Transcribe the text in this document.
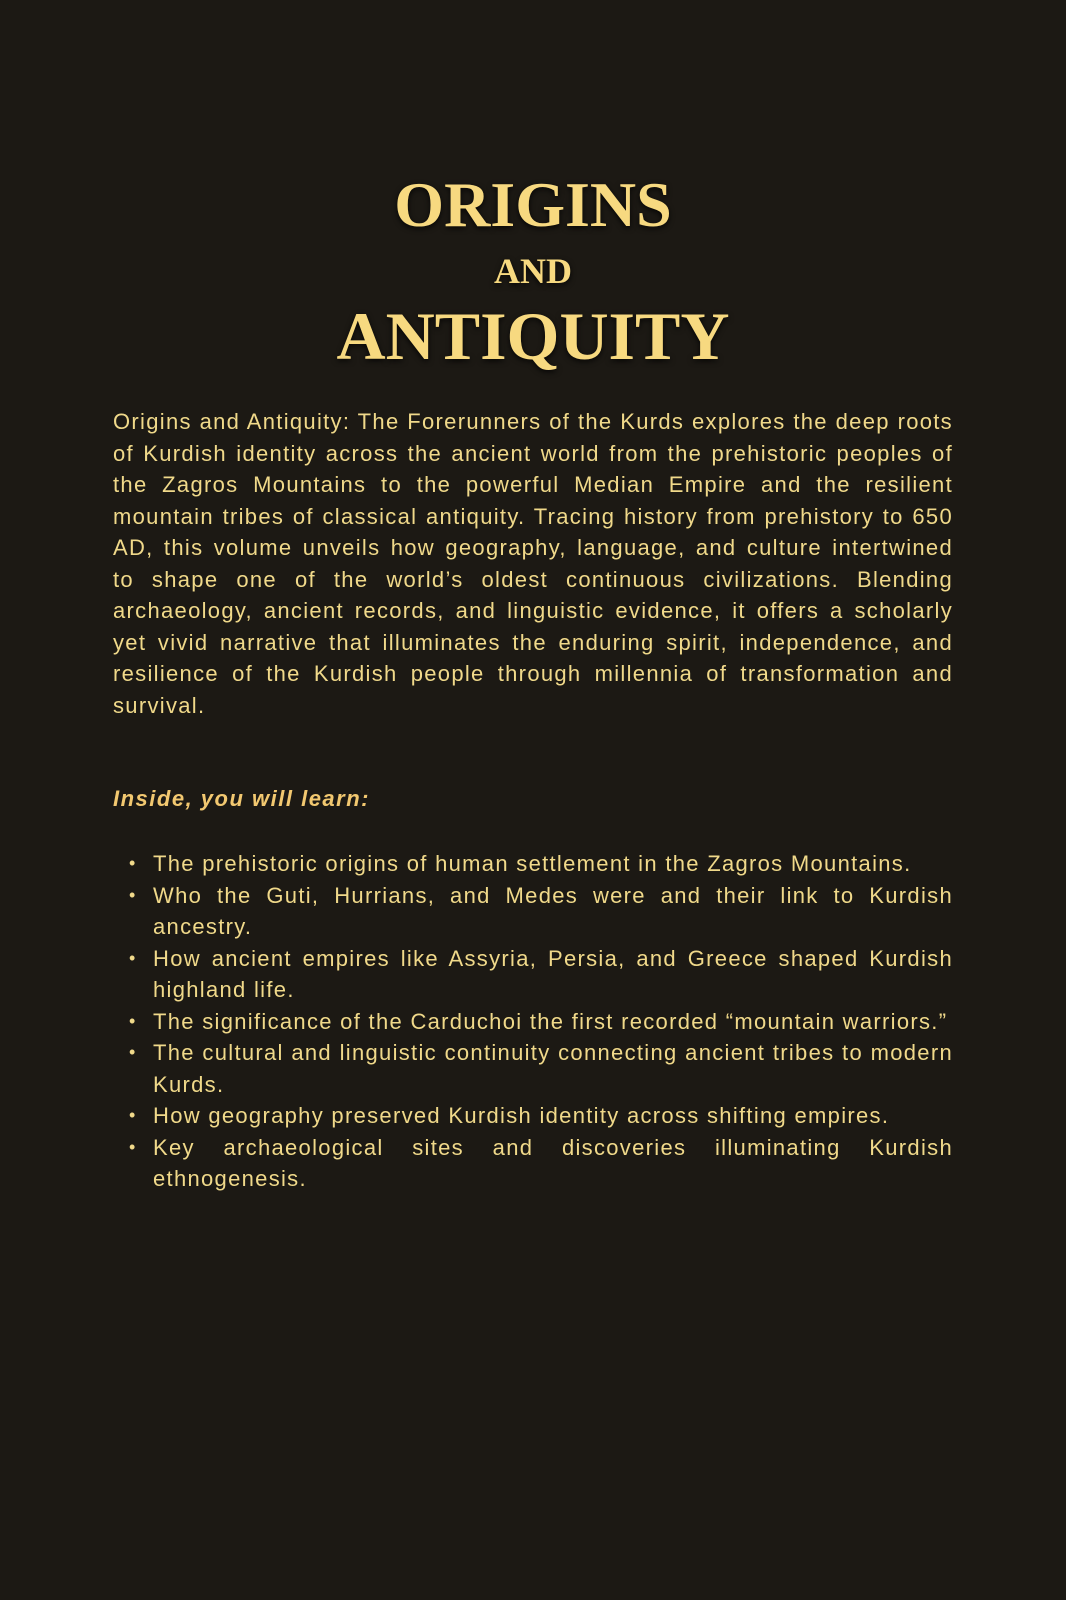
ORIGINS
AND
ANTIQUITY

Origins and Antiquity: The Forerunners of the Kurds explores the deep roots of Kurdish identity across the ancient world from the prehistoric peoples of the Zagros Mountains to the powerful Median Empire and the resilient mountain tribes of classical antiquity. Tracing history from prehistory to 650 AD, this volume unveils how geography, language, and culture intertwined to shape one of the world’s oldest continuous civilizations. Blending archaeology, ancient records, and linguistic evidence, it offers a scholarly yet vivid narrative that illuminates the enduring spirit, independence, and resilience of the Kurdish people through millennia of transformation and survival.

Inside, you will learn:

• The prehistoric origins of human settlement in the Zagros Mountains.
• Who the Guti, Hurrians, and Medes were and their link to Kurdish ancestry.
• How ancient empires like Assyria, Persia, and Greece shaped Kurdish highland life.
• The significance of the Carduchoi the first recorded “mountain warriors.”
• The cultural and linguistic continuity connecting ancient tribes to modern Kurds.
• How geography preserved Kurdish identity across shifting empires.
• Key archaeological sites and discoveries illuminating Kurdish ethnogenesis.
